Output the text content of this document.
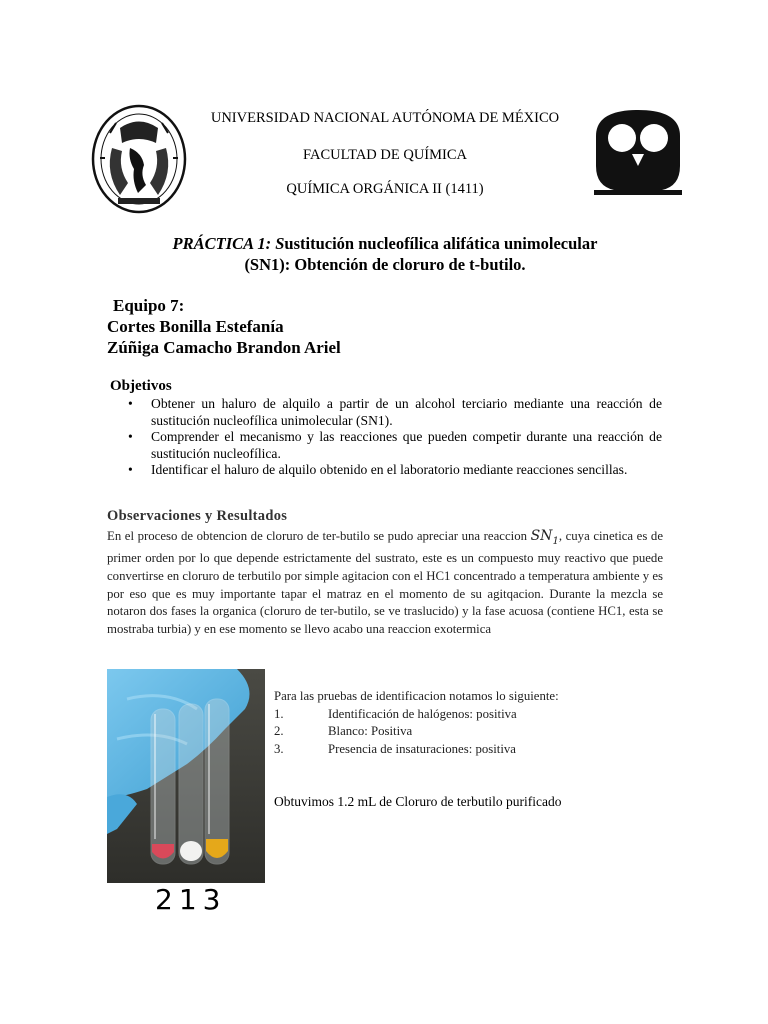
UNIVERSIDAD NACIONAL AUTÓNOMA DE MÉXICO
FACULTAD DE QUÍMICA
QUÍMICA ORGÁNICA II (1411)
PRÁCTICA 1: Sustitución nucleofílica alifática unimolecular
(SN1): Obtención de cloruro de t-butilo.
Equipo 7:
Cortes Bonilla Estefanía
Zúñiga Camacho Brandon Ariel
Objetivos
• Obtener un haluro de alquilo a partir de un alcohol terciario mediante una reacción de sustitución nucleofílica unimolecular (SN1).
• Comprender el mecanismo y las reacciones que pueden competir durante una reacción de sustitución nucleofílica.
• Identificar el haluro de alquilo obtenido en el laboratorio mediante reacciones sencillas.
Observaciones y Resultados
En el proceso de obtencion de cloruro de ter-butilo se pudo apreciar una reaccion $SN_1$, cuya cinetica es de primer orden por lo que depende estrictamente del sustrato, este es un compuesto muy reactivo que puede convertirse en cloruro de terbutilo por simple agitacion con el HC1 concentrado a temperatura ambiente y es por eso que es muy importante tapar el matraz en el momento de su agitqacion. Durante la mezcla se notaron dos fases la organica (cloruro de ter-butilo, se ve traslucido) y la fase acuosa (contiene HC1, esta se mostraba turbia) y en ese momento se llevo acabo una reaccion exotermica
Para las pruebas de identificacion notamos lo siguiente:
1.	Identificación de halógenos: positiva
2.	Blanco: Positiva
3.	Presencia de insaturaciones: positiva
Obtuvimos 1.2 mL de Cloruro de terbutilo purificado
213
